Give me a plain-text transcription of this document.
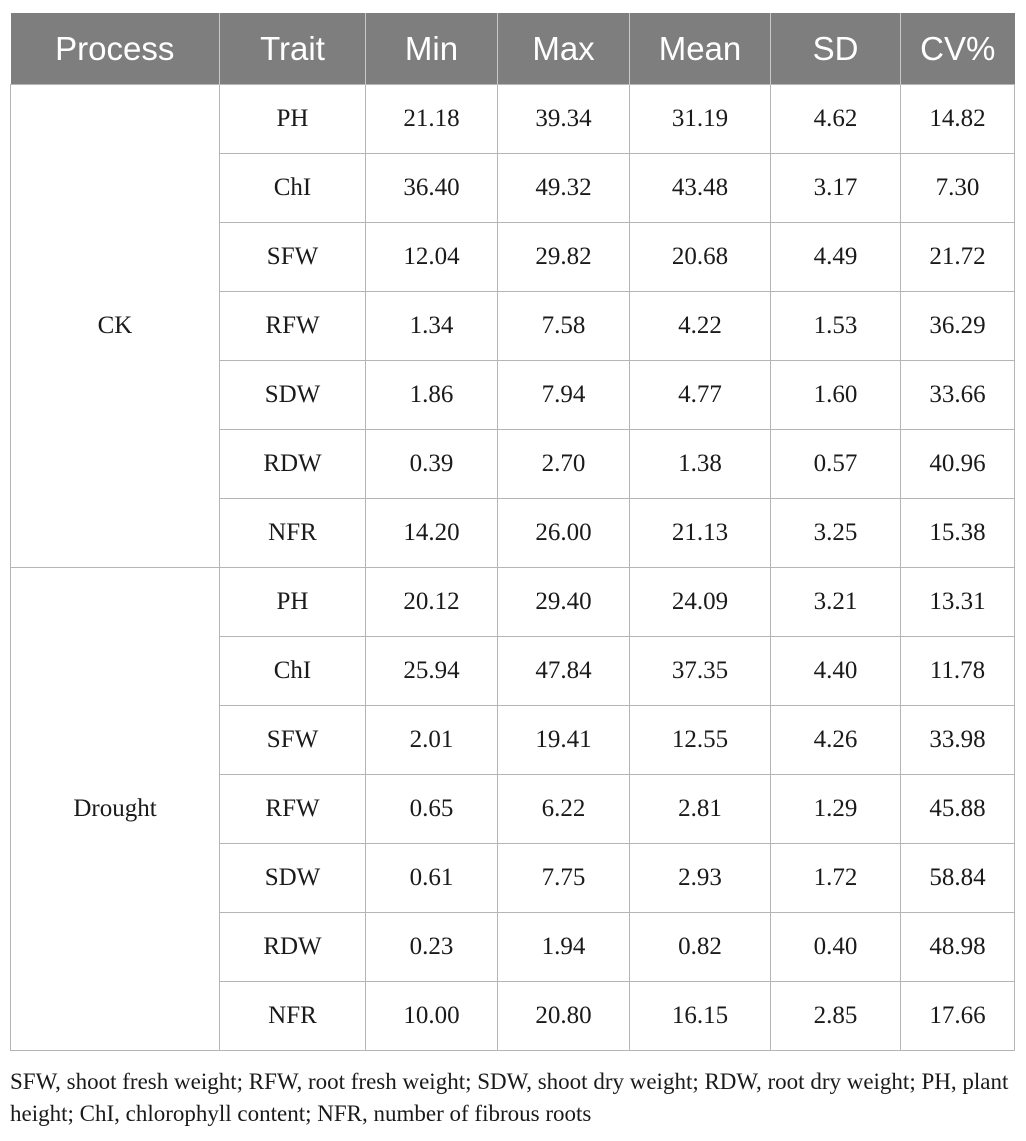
Process	Trait	Min	Max	Mean	SD	CV%
CK	PH	21.18	39.34	31.19	4.62	14.82
	ChI	36.40	49.32	43.48	3.17	7.30
	SFW	12.04	29.82	20.68	4.49	21.72
	RFW	1.34	7.58	4.22	1.53	36.29
	SDW	1.86	7.94	4.77	1.60	33.66
	RDW	0.39	2.70	1.38	0.57	40.96
	NFR	14.20	26.00	21.13	3.25	15.38
Drought	PH	20.12	29.40	24.09	3.21	13.31
	ChI	25.94	47.84	37.35	4.40	11.78
	SFW	2.01	19.41	12.55	4.26	33.98
	RFW	0.65	6.22	2.81	1.29	45.88
	SDW	0.61	7.75	2.93	1.72	58.84
	RDW	0.23	1.94	0.82	0.40	48.98
	NFR	10.00	20.80	16.15	2.85	17.66

SFW, shoot fresh weight; RFW, root fresh weight; SDW, shoot dry weight; RDW, root dry weight; PH, plant height; ChI, chlorophyll content; NFR, number of fibrous roots
